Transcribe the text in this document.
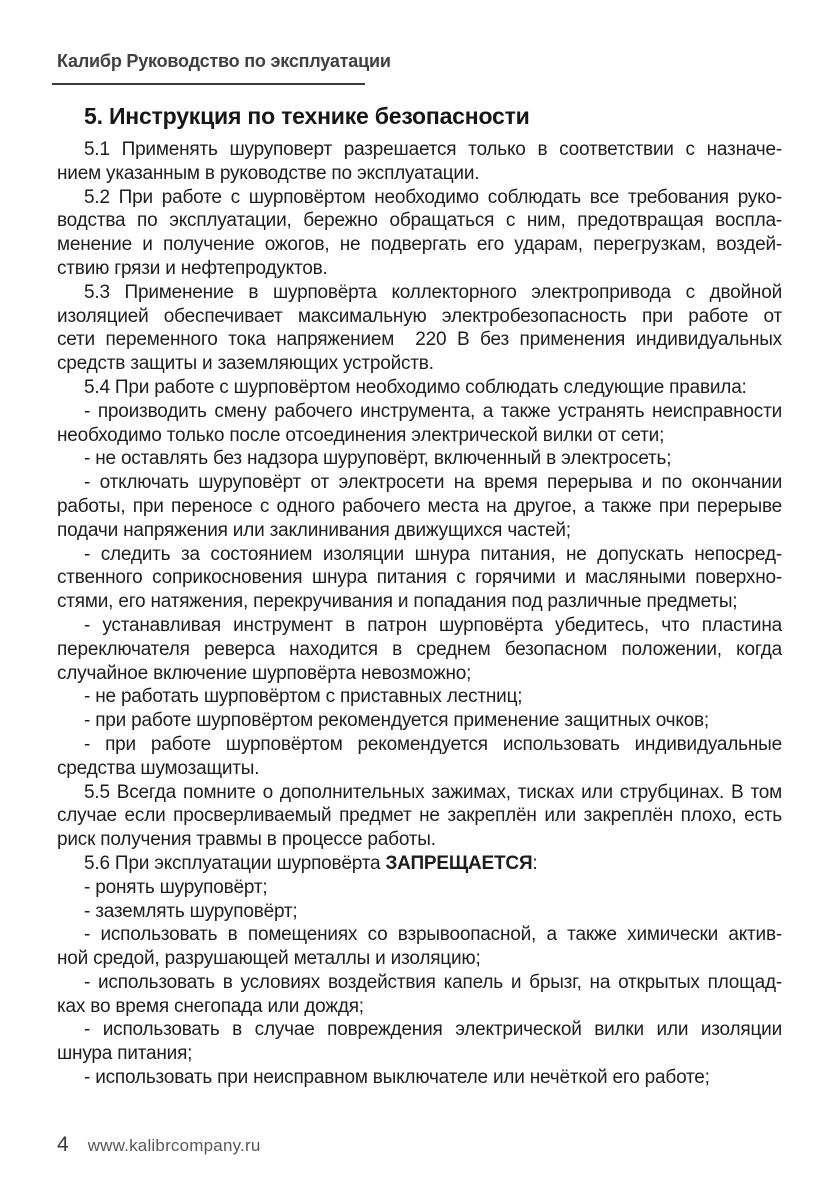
Калибр Руководство по эксплуатации
5. Инструкция по технике безопасности
5.1 Применять шуруповерт разрешается только в соответствии с назначе-
нием указанным в руководстве по эксплуатации.
5.2 При работе с шурповёртом необходимо соблюдать все требования руко-
водства по эксплуатации, бережно обращаться с ним, предотвращая воспла-
менение и получение ожогов, не подвергать его ударам, перегрузкам, воздей-
ствию грязи и нефтепродуктов.
5.3 Применение в шурповёрта коллекторного электропривода с двойной
изоляцией обеспечивает максимальную электробезопасность при работе от
сети переменного тока напряжением  220 В без применения индивидуальных
средств защиты и заземляющих устройств.
5.4 При работе с шурповёртом необходимо соблюдать следующие правила:
- производить смену рабочего инструмента, а также устранять неисправности
необходимо только после отсоединения электрической вилки от сети;
- не оставлять без надзора шуруповёрт, включенный в электросеть;
- отключать шуруповёрт от электросети на время перерыва и по окончании
работы, при переносе с одного рабочего места на другое, а также при перерыве
подачи напряжения или заклинивания движущихся частей;
- следить за состоянием изоляции шнура питания, не допускать непосред-
ственного соприкосновения шнура питания с горячими и масляными поверхно-
стями, его натяжения, перекручивания и попадания под различные предметы;
- устанавливая инструмент в патрон шурповёрта убедитесь, что пластина
переключателя реверса находится в среднем безопасном положении, когда
случайное включение шурповёрта невозможно;
- не работать шурповёртом с приставных лестниц;
- при работе шурповёртом рекомендуется применение защитных очков;
- при работе шурповёртом рекомендуется использовать индивидуальные
средства шумозащиты.
5.5 Всегда помните о дополнительных зажимах, тисках или струбцинах. В том
случае если просверливаемый предмет не закреплён или закреплён плохо, есть
риск получения травмы в процессе работы.
5.6 При эксплуатации шурповёрта ЗАПРЕЩАЕТСЯ:
- ронять шуруповёрт;
- заземлять шуруповёрт;
- использовать в помещениях со взрывоопасной, а также химически актив-
ной средой, разрушающей металлы и изоляцию;
- использовать в условиях воздействия капель и брызг, на открытых площад-
ках во время снегопада или дождя;
- использовать в случае повреждения электрической вилки или изоляции
шнура питания;
- использовать при неисправном выключателе или нечёткой его работе;
4 www.kalibrcompany.ru
